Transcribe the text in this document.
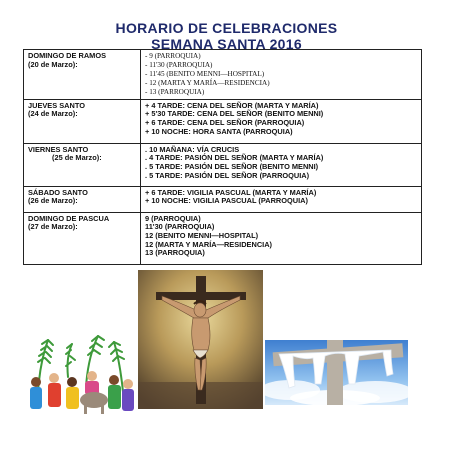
HORARIO DE CELEBRACIONES
SEMANA SANTA 2016
DOMINGO DE RAMOS
(20 de Marzo):	- 9 (PARROQUIA)
- 11'30 (PARROQUIA)
- 11'45 (BENITO MENNI—HOSPITAL)
- 12 (MARTA Y MARÍA—RESIDENCIA)
- 13 (PARROQUIA)

JUEVES SANTO
(24 de Marzo):	+ 4 TARDE: CENA DEL SEÑOR (MARTA Y MARÍA)
+ 5'30 TARDE: CENA DEL SEÑOR (BENITO MENNI)
+ 6 TARDE: CENA DEL SEÑOR (PARROQUIA)
+ 10 NOCHE: HORA SANTA (PARROQUIA)

VIERNES SANTO
(25 de Marzo):	. 10 MAÑANA: VÍA CRUCIS
. 4 TARDE: PASIÓN DEL SEÑOR (MARTA Y MARÍA)
. 5 TARDE: PASIÓN DEL SEÑOR (BENITO MENNI)
. 5 TARDE: PASIÓN DEL SEÑOR (PARROQUIA)

SÁBADO SANTO
(26 de Marzo):	+ 6 TARDE: VIGILIA PASCUAL (MARTA Y MARÍA)
+ 10 NOCHE: VIGILIA PASCUAL (PARROQUIA)

DOMINGO DE PASCUA
(27 de Marzo):	9 (PARROQUIA)
11'30 (PARROQUIA)
12 (BENITO MENNI—HOSPITAL)
12 (MARTA Y MARÍA—RESIDENCIA)
13 (PARROQUIA)
